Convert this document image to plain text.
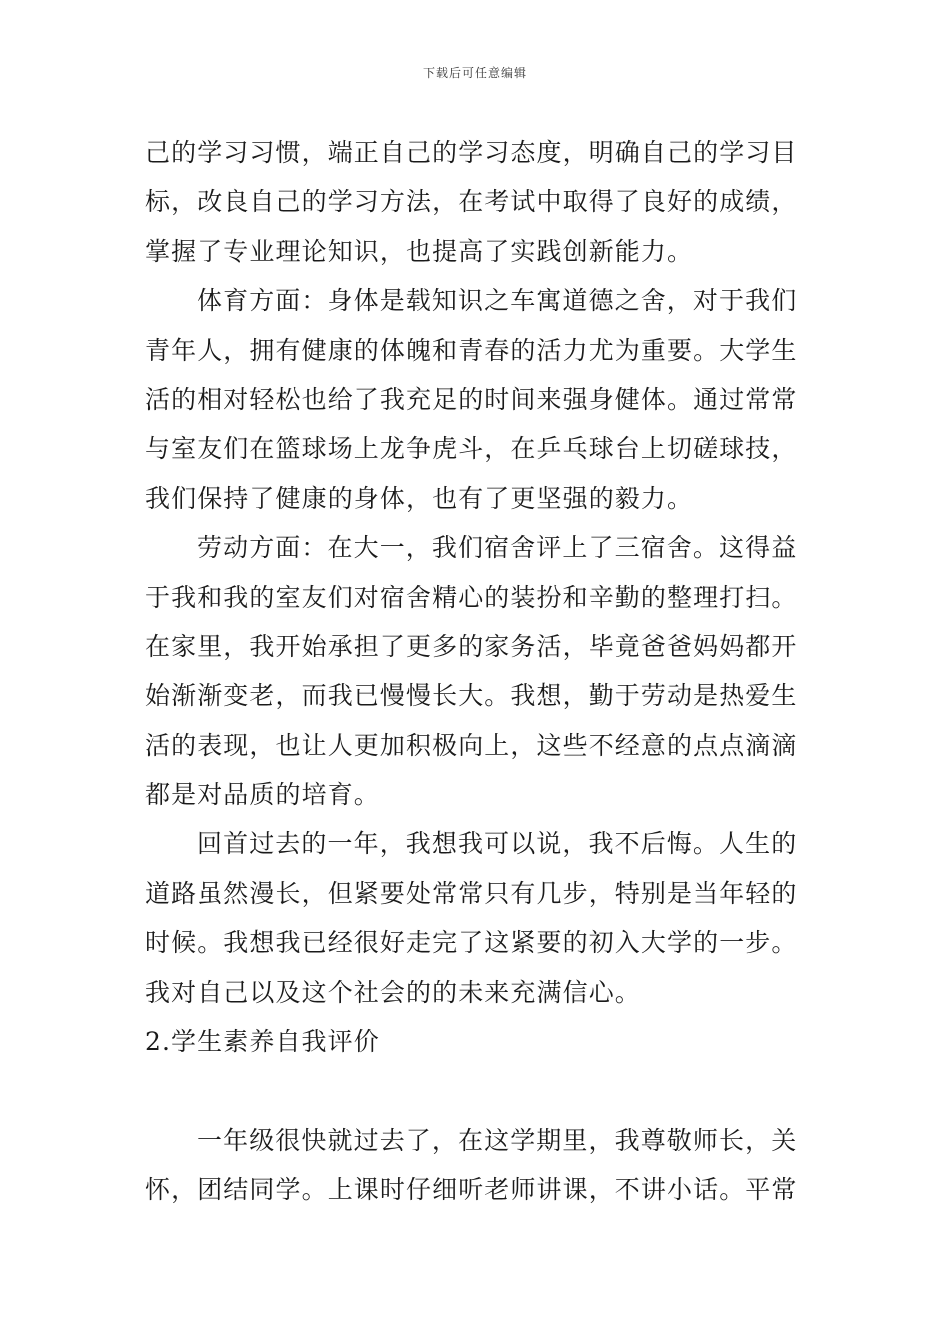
下载后可任意编辑
己的学习习惯，端正自己的学习态度，明确自己的学习目
标，改良自己的学习方法，在考试中取得了良好的成绩，
掌握了专业理论知识，也提高了实践创新能力。
体育方面：身体是载知识之车寓道德之舍，对于我们
青年人，拥有健康的体魄和青春的活力尤为重要。大学生
活的相对轻松也给了我充足的时间来强身健体。通过常常
与室友们在篮球场上龙争虎斗，在乒乓球台上切磋球技，
我们保持了健康的身体，也有了更坚强的毅力。
劳动方面：在大一，我们宿舍评上了三宿舍。这得益
于我和我的室友们对宿舍精心的装扮和辛勤的整理打扫。
在家里，我开始承担了更多的家务活，毕竟爸爸妈妈都开
始渐渐变老，而我已慢慢长大。我想，勤于劳动是热爱生
活的表现，也让人更加积极向上，这些不经意的点点滴滴
都是对品质的培育。
回首过去的一年，我想我可以说，我不后悔。人生的
道路虽然漫长，但紧要处常常只有几步，特别是当年轻的
时候。我想我已经很好走完了这紧要的初入大学的一步。
我对自己以及这个社会的的未来充满信心。
2.学生素养自我评价
一年级很快就过去了，在这学期里，我尊敬师长，关
怀，团结同学。上课时仔细听老师讲课，不讲小话。平常
